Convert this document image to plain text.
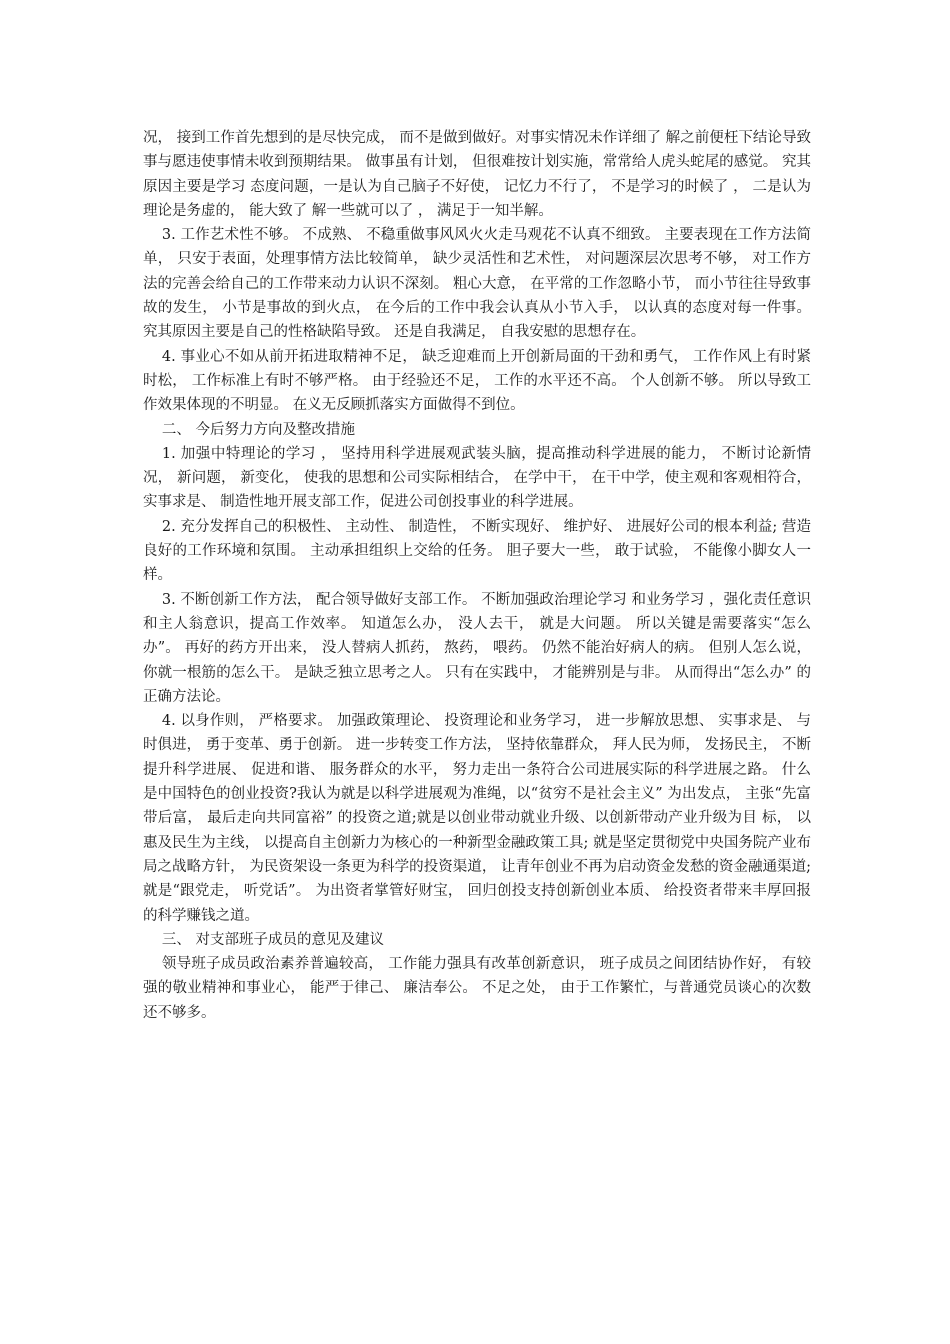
况， 接到工作首先想到的是尽快完成， 而不是做到做好。对事实情况未作详细了 解之前便枉下结论导致事与愿违使事情未收到预期结果。 做事虽有计划， 但很难按计划实施，常常给人虎头蛇尾的感觉。 究其原因主要是学习 态度问题，一是认为自己脑子不好使， 记忆力不行了， 不是学习的时候了 ， 二是认为理论是务虚的， 能大致了 解一些就可以了 ， 满足于一知半解。

3. 工作艺术性不够。 不成熟、 不稳重做事风风火火走马观花不认真不细致。 主要表现在工作方法简单， 只安于表面，处理事情方法比较简单， 缺少灵活性和艺术性， 对问题深层次思考不够， 对工作方法的完善会给自己的工作带来动力认识不深刻。 粗心大意， 在平常的工作忽略小节， 而小节往往导致事故的发生， 小节是事故的到火点， 在今后的工作中我会认真从小节入手， 以认真的态度对每一件事。 究其原因主要是自己的性格缺陷导致。 还是自我满足， 自我安慰的思想存在。

4. 事业心不如从前开拓进取精神不足， 缺乏迎难而上开创新局面的干劲和勇气， 工作作风上有时紧时松， 工作标准上有时不够严格。 由于经验还不足， 工作的水平还不高。 个人创新不够。 所以导致工作效果体现的不明显。 在义无反顾抓落实方面做得不到位。

二、 今后努力方向及整改措施

1. 加强中特理论的学习 ， 坚持用科学进展观武装头脑，提高推动科学进展的能力， 不断讨论新情况， 新问题， 新变化， 使我的思想和公司实际相结合， 在学中干， 在干中学，使主观和客观相符合， 实事求是、 制造性地开展支部工作，促进公司创投事业的科学进展。

2. 充分发挥自己的积极性、 主动性、 制造性， 不断实现好、 维护好、 进展好公司的根本利益; 营造良好的工作环境和氛围。 主动承担组织上交给的任务。 胆子要大一些， 敢于试验， 不能像小脚女人一样。

3. 不断创新工作方法， 配合领导做好支部工作。 不断加强政治理论学习 和业务学习 ，强化责任意识和主人翁意识，提高工作效率。 知道怎么办， 没人去干， 就是大问题。 所以关键是需要落实“怎么办”。 再好的药方开出来， 没人替病人抓药， 熬药， 喂药。 仍然不能治好病人的病。 但别人怎么说， 你就一根筋的怎么干。 是缺乏独立思考之人。 只有在实践中， 才能辨别是与非。 从而得出“怎么办” 的正确方法论。

4. 以身作则， 严格要求。 加强政策理论、 投资理论和业务学习， 进一步解放思想、 实事求是、 与时俱进， 勇于变革、勇于创新。 进一步转变工作方法， 坚持依靠群众， 拜人民为师， 发扬民主， 不断提升科学进展、 促进和谐、 服务群众的水平， 努力走出一条符合公司进展实际的科学进展之路。 什么是中国特色的创业投资?我认为就是以科学进展观为准绳，以“贫穷不是社会主义” 为出发点， 主张“先富带后富， 最后走向共同富裕” 的投资之道;就是以创业带动就业升级、以创新带动产业升级为目 标， 以惠及民生为主线， 以提高自主创新力为核心的一种新型金融政策工具; 就是坚定贯彻党中央国务院产业布局之战略方针， 为民资架设一条更为科学的投资渠道， 让青年创业不再为启动资金发愁的资金融通渠道; 就是“跟党走， 听党话”。 为出资者掌管好财宝， 回归创投支持创新创业本质、 给投资者带来丰厚回报的科学赚钱之道。

三、 对支部班子成员的意见及建议

领导班子成员政治素养普遍较高， 工作能力强具有改革创新意识， 班子成员之间团结协作好， 有较强的敬业精神和事业心， 能严于律己、 廉洁奉公。 不足之处， 由于工作繁忙，与普通党员谈心的次数还不够多。
